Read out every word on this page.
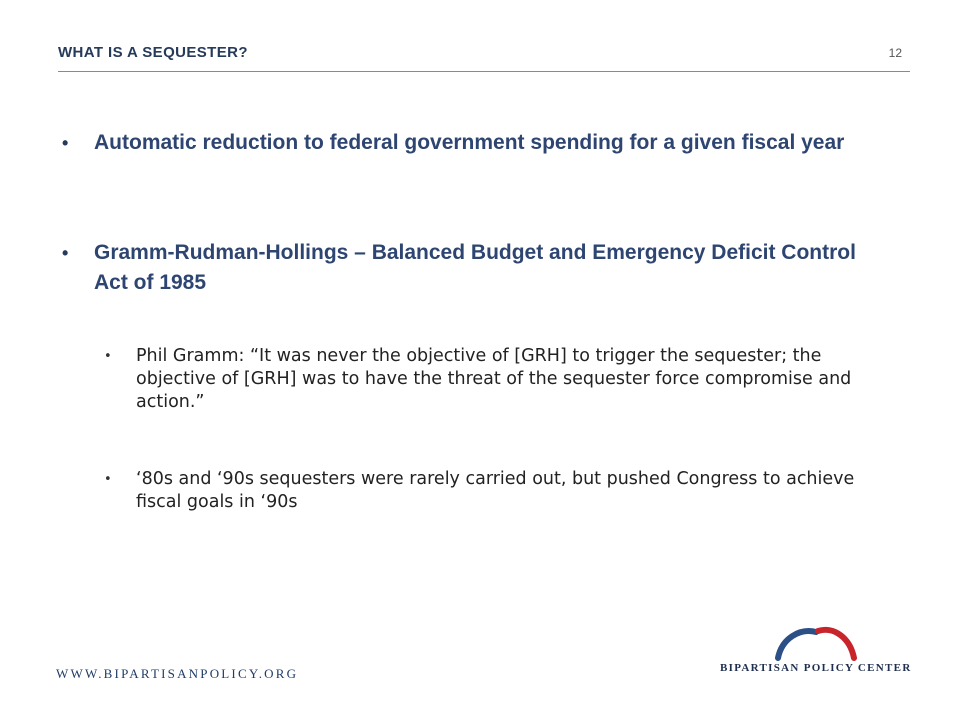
WHAT IS A SEQUESTER?	12
• Automatic reduction to federal government spending for a given fiscal year
• Gramm-Rudman-Hollings – Balanced Budget and Emergency Deficit Control Act of 1985
• Phil Gramm: “It was never the objective of [GRH] to trigger the sequester; the objective of [GRH] was to have the threat of the sequester force compromise and action.”
• ‘80s and ‘90s sequesters were rarely carried out, but pushed Congress to achieve fiscal goals in ‘90s
WWW.BIPARTISANPOLICY.ORG	BIPARTISAN POLICY CENTER
